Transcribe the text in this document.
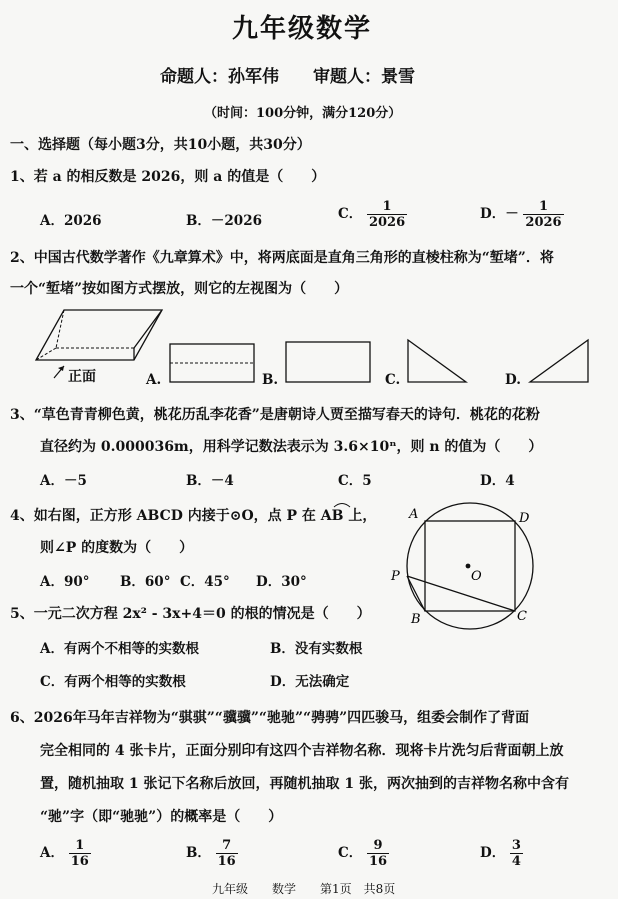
九年级数学
命题人：孙军伟　　审题人：景雪
（时间：100分钟，满分120分）
一、选择题（每小题3分，共10小题，共30分）
1、若 a 的相反数是 2026，则 a 的值是（　　）
A．2026	B．－2026	C． $\frac{1}{2026}$	D．－ $\frac{1}{2026}$
2、中国古代数学著作《九章算术》中，将两底面是直角三角形的直棱柱称为“堑堵”．将
一个“堑堵”按如图方式摆放，则它的左视图为（　　）
正面	A.	B.	C.	D.
3、“草色青青柳色黄，桃花历乱李花香”是唐朝诗人贾至描写春天的诗句．桃花的花粉
直径约为 0.000036m，用科学记数法表示为 3.6×10ⁿ，则 n 的值为（　　）
A．－5	B．－4	C．5	D．4
4、如右图，正方形 ABCD 内接于⊙O，点 P 在 AB 上，
则∠P 的度数为（　　）
A．90° B．60° C．45° D．30°
A	D
O
P
B	C
5、一元二次方程 2x² - 3x+4＝0 的根的情况是（　　）
A．有两个不相等的实数根	B．没有实数根
C．有两个相等的实数根	D．无法确定
6、2026年马年吉祥物为“骐骐”“骥骥”“驰驰”“骋骋”四匹骏马，组委会制作了背面
完全相同的 4 张卡片，正面分别印有这四个吉祥物名称．现将卡片洗匀后背面朝上放
置，随机抽取 1 张记下名称后放回，再随机抽取 1 张，两次抽到的吉祥物名称中含有
“驰”字（即“驰驰”）的概率是（　　）
A． $\frac{1}{16}$	B． $\frac{7}{16}$	C． $\frac{9}{16}$	D． $\frac{3}{4}$
九年级　　数学　　第1页　共8页
